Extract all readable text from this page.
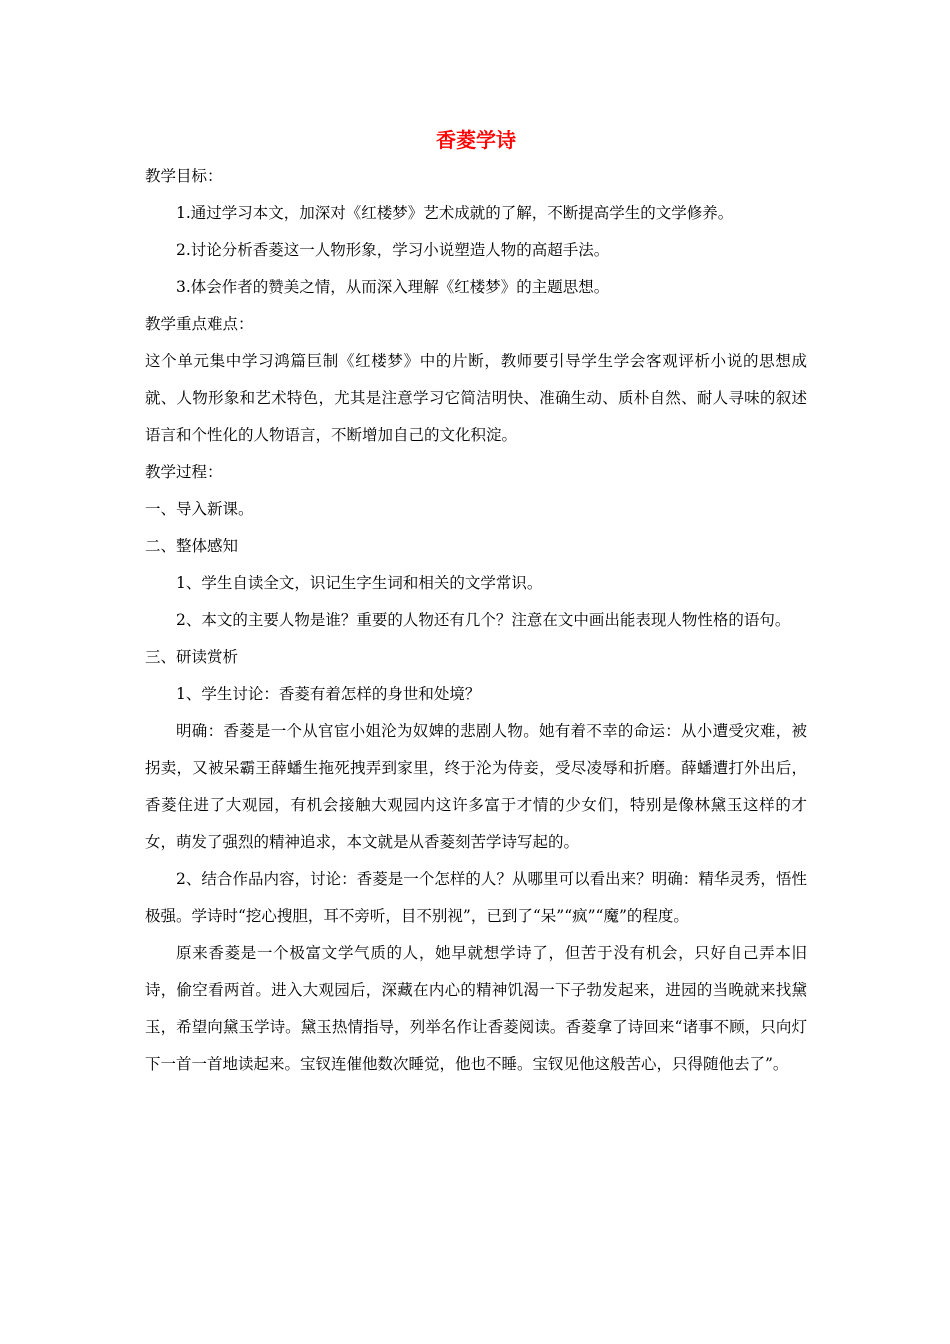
香菱学诗

教学目标：

1.通过学习本文，加深对《红楼梦》艺术成就的了解，不断提高学生的文学修养。

2.讨论分析香菱这一人物形象，学习小说塑造人物的高超手法。

3.体会作者的赞美之情，从而深入理解《红楼梦》的主题思想。

教学重点难点：

这个单元集中学习鸿篇巨制《红楼梦》中的片断，教师要引导学生学会客观评析小说的思想成就、人物形象和艺术特色，尤其是注意学习它简洁明快、准确生动、质朴自然、耐人寻味的叙述语言和个性化的人物语言，不断增加自己的文化积淀。

教学过程：

一、导入新课。

二、整体感知

1、学生自读全文，识记生字生词和相关的文学常识。

2、本文的主要人物是谁？重要的人物还有几个？注意在文中画出能表现人物性格的语句。

三、研读赏析

1、学生讨论：香菱有着怎样的身世和处境？

明确：香菱是一个从官宦小姐沦为奴婢的悲剧人物。她有着不幸的命运：从小遭受灾难，被拐卖，又被呆霸王薛蟠生拖死拽弄到家里，终于沦为侍妾，受尽凌辱和折磨。薛蟠遭打外出后，香菱住进了大观园，有机会接触大观园内这许多富于才情的少女们，特别是像林黛玉这样的才女，萌发了强烈的精神追求，本文就是从香菱刻苦学诗写起的。

2、结合作品内容，讨论：香菱是一个怎样的人？从哪里可以看出来？明确：精华灵秀，悟性极强。学诗时“挖心搜胆，耳不旁听，目不别视”，已到了“呆”“疯”“魔”的程度。

原来香菱是一个极富文学气质的人，她早就想学诗了，但苦于没有机会，只好自己弄本旧诗，偷空看两首。进入大观园后，深藏在内心的精神饥渴一下子勃发起来，进园的当晚就来找黛玉，希望向黛玉学诗。黛玉热情指导，列举名作让香菱阅读。香菱拿了诗回来“诸事不顾，只向灯下一首一首地读起来。宝钗连催他数次睡觉，他也不睡。宝钗见他这般苦心，只得随他去了”。
